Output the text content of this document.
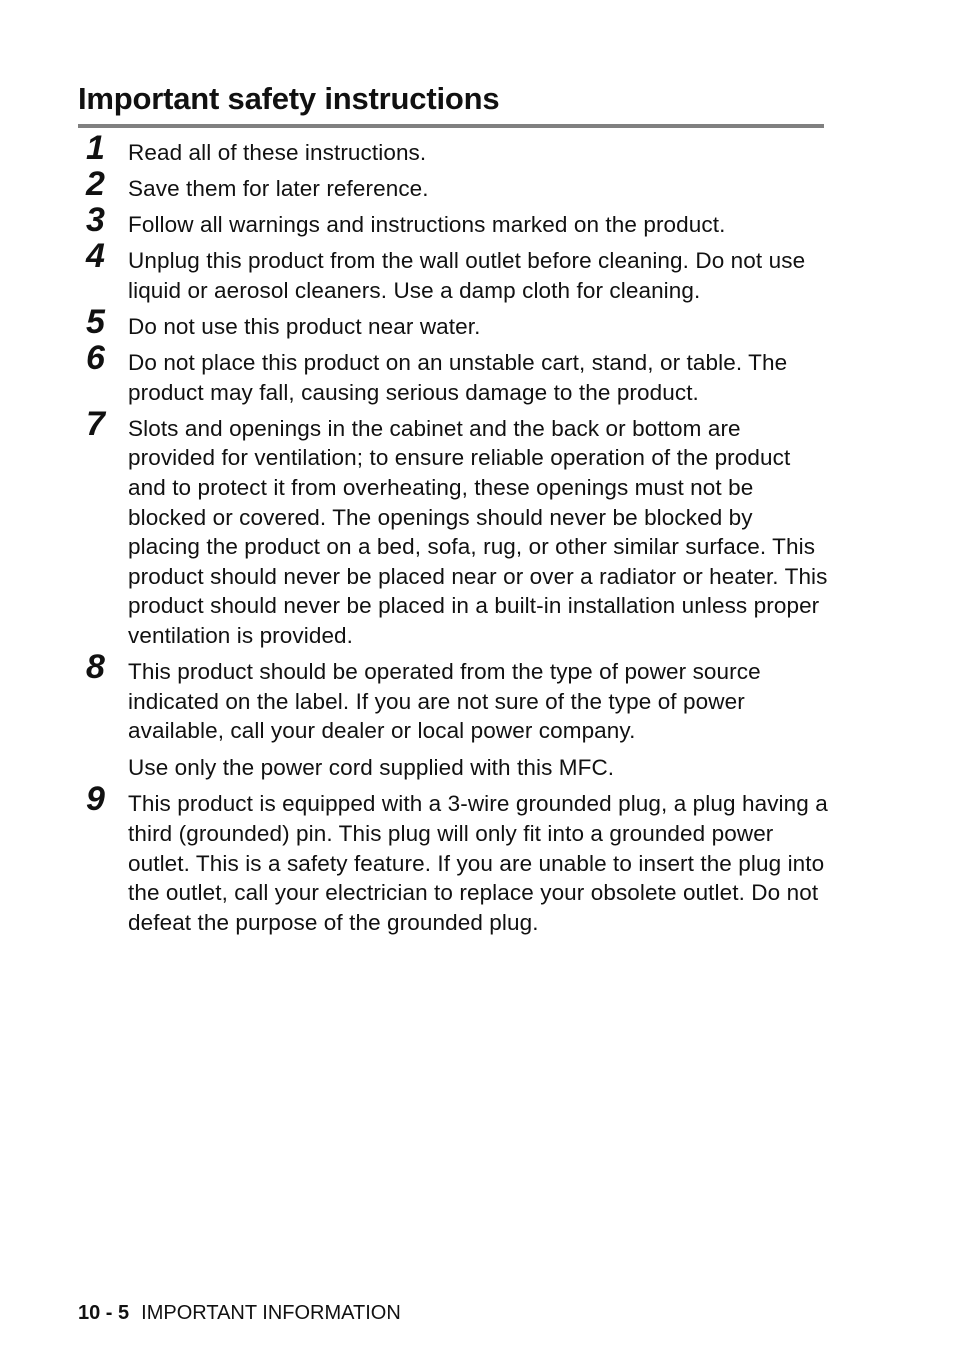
Important safety instructions
1	Read all of these instructions.

2	Save them for later reference.

3	Follow all warnings and instructions marked on the product.

4	Unplug this product from the wall outlet before cleaning. Do not use liquid or aerosol cleaners. Use a damp cloth for cleaning.

5	Do not use this product near water.

6	Do not place this product on an unstable cart, stand, or table. The product may fall, causing serious damage to the product.

7	Slots and openings in the cabinet and the back or bottom are provided for ventilation; to ensure reliable operation of the product and to protect it from overheating, these openings must not be blocked or covered. The openings should never be blocked by placing the product on a bed, sofa, rug, or other similar surface. This product should never be placed near or over a radiator or heater. This product should never be placed in a built-in installation unless proper ventilation is provided.

8	This product should be operated from the type of power source indicated on the label. If you are not sure of the type of power available, call your dealer or local power company.

Use only the power cord supplied with this MFC.

9	This product is equipped with a 3-wire grounded plug, a plug having a third (grounded) pin. This plug will only fit into a grounded power outlet. This is a safety feature. If you are unable to insert the plug into the outlet, call your electrician to replace your obsolete outlet. Do not defeat the purpose of the grounded plug.

10 - 5 IMPORTANT INFORMATION
